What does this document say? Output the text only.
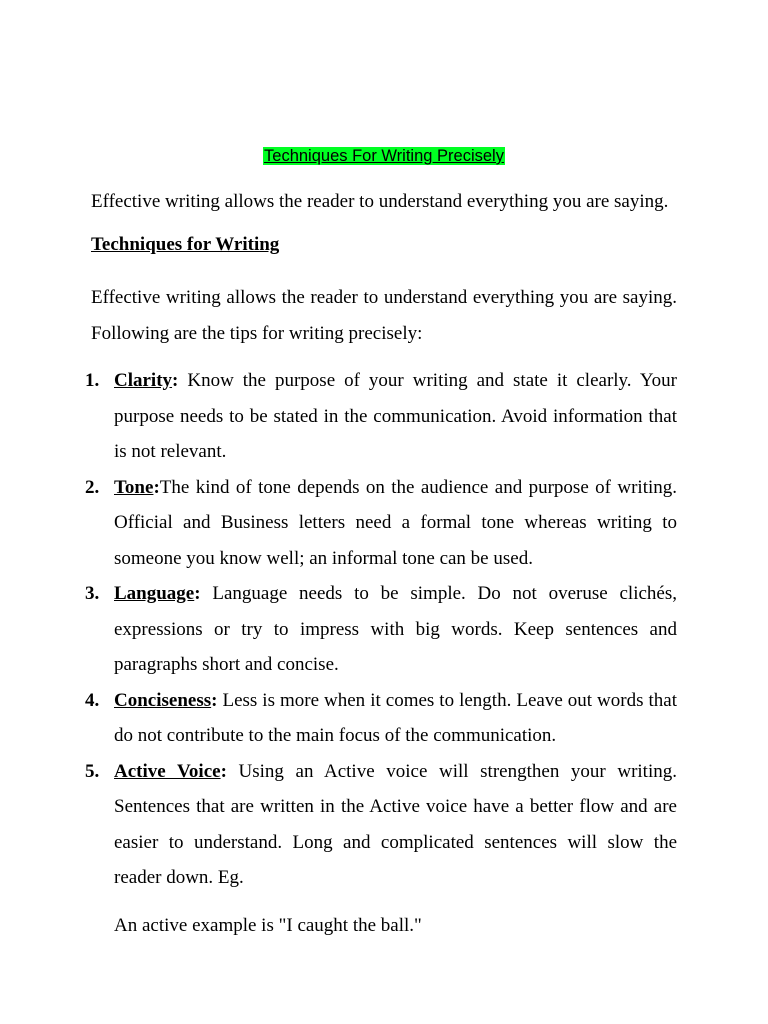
Techniques For Writing Precisely

Effective writing allows the reader to understand everything you are saying.

Techniques for Writing

Effective writing allows the reader to understand everything you are saying. Following are the tips for writing precisely:

1. Clarity: Know the purpose of your writing and state it clearly. Your purpose needs to be stated in the communication. Avoid information that is not relevant.
2. Tone:The kind of tone depends on the audience and purpose of writing. Official and Business letters need a formal tone whereas writing to someone you know well; an informal tone can be used.
3. Language: Language needs to be simple. Do not overuse clichés, expressions or try to impress with big words. Keep sentences and paragraphs short and concise.
4. Conciseness: Less is more when it comes to length. Leave out words that do not contribute to the main focus of the communication.
5. Active Voice: Using an Active voice will strengthen your writing. Sentences that are written in the Active voice have a better flow and are easier to understand. Long and complicated sentences will slow the reader down. Eg.

An active example is "I caught the ball."
